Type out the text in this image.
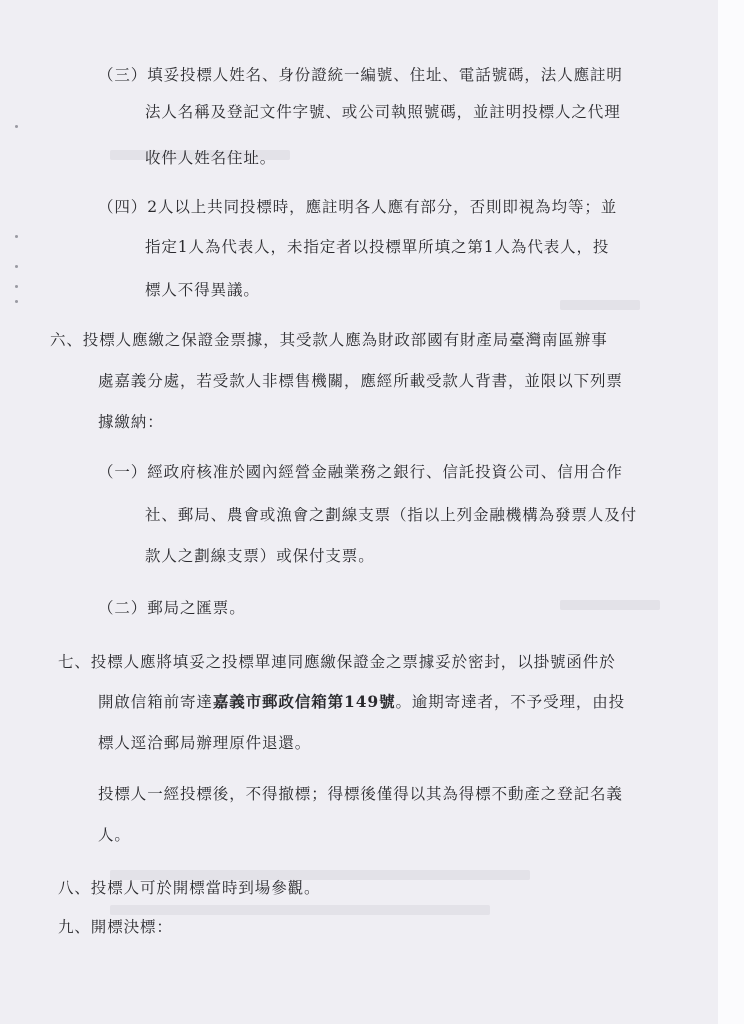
（三）填妥投標人姓名、身份證統一編號、住址、電話號碼，法人應註明
法人名稱及登記文件字號、或公司執照號碼，並註明投標人之代理
收件人姓名住址。
（四）2人以上共同投標時，應註明各人應有部分，否則即視為均等；並
指定1人為代表人，未指定者以投標單所填之第1人為代表人，投
標人不得異議。
六、投標人應繳之保證金票據，其受款人應為財政部國有財產局臺灣南區辦事
處嘉義分處，若受款人非標售機關，應經所載受款人背書，並限以下列票
據繳納：
（一）經政府核准於國內經營金融業務之銀行、信託投資公司、信用合作
社、郵局、農會或漁會之劃線支票（指以上列金融機構為發票人及付
款人之劃線支票）或保付支票。
（二）郵局之匯票。
七、投標人應將填妥之投標單連同應繳保證金之票據妥於密封，以掛號函件於
開啟信箱前寄達嘉義市郵政信箱第149號。逾期寄達者，不予受理，由投
標人逕洽郵局辦理原件退還。
投標人一經投標後，不得撤標；得標後僅得以其為得標不動產之登記名義
人。
八、投標人可於開標當時到場參觀。
九、開標決標：
